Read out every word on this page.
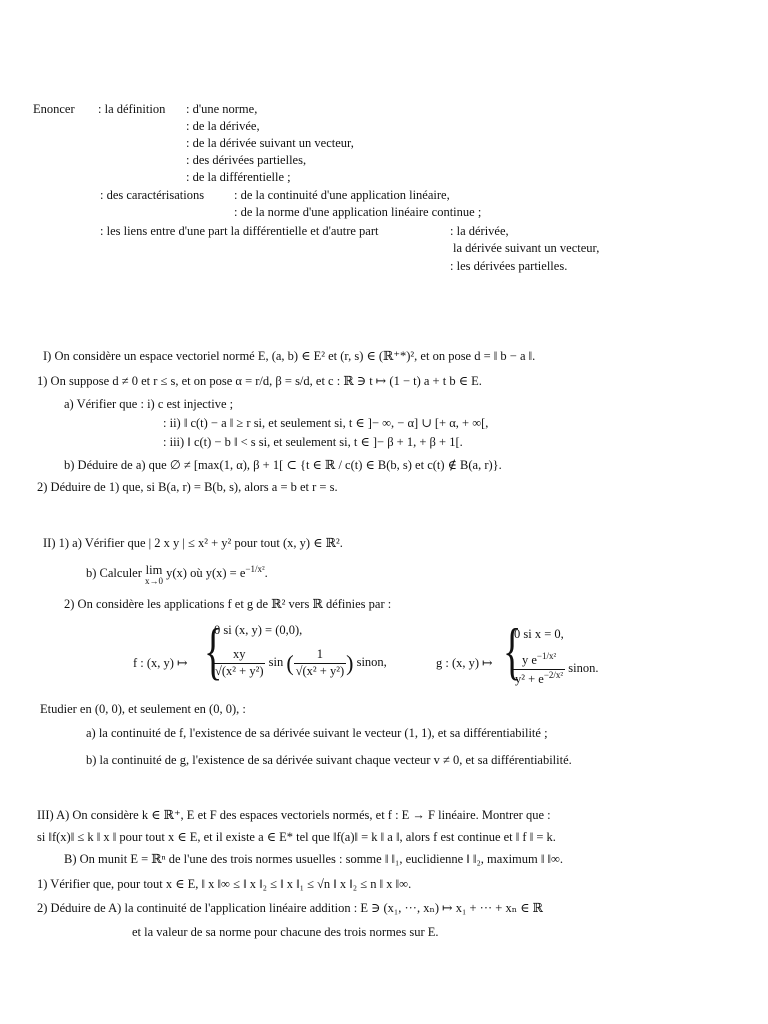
Enoncer : la définition : d'une norme,
: de la dérivée,
: de la dérivée suivant un vecteur,
: des dérivées partielles,
: de la différentielle ;
: des caractérisations : de la continuité d'une application linéaire,
: de la norme d'une application linéaire continue ;
: les liens entre d'une part la différentielle et d'autre part	: la dérivée,
la dérivée suivant un vecteur,
: les dérivées partielles.
I) On considère un espace vectoriel normé E, (a, b) ∈ E² et (r, s) ∈ (ℝ⁺*)², et on pose d = ‖ b − a ‖.
1) On suppose d ≠ 0 et r ≤ s, et on pose α = r/d, β = s/d, et c : ℝ ∋ t ↦ (1 − t) a + t b ∈ E.
a) Vérifier que : i) c est injective ;
: ii) ‖ c(t) − a ‖ ≥ r si, et seulement si, t ∈ ]− ∞, − α] ∪ [+ α, + ∞[,
: iii) ‖ c(t) − b ‖ < s si, et seulement si, t ∈ ]− β + 1, + β + 1[.
b) Déduire de a) que ∅ ≠ [max(1, α), β + 1[ ⊂ {t ∈ ℝ / c(t) ∈ B(b, s) et c(t) ∉ B(a, r)}.
2) Déduire de 1) que, si B(a, r) = B(b, s), alors a = b et r = s.
II) 1) a) Vérifier que | 2 x y | ≤ x² + y² pour tout (x, y) ∈ ℝ².
b) Calculer lim
x→0
y(x) où $y(x) = e^{-1/x^2}$.
2) On considère les applications f et g de ℝ² vers ℝ définies par :
f : (x, y) ↦ {
0 si (x, y) = (0,0),
$\frac{xy}{\text{√(x² + y²)}}$ sin ( $\frac{1}{\text{√(x² + y²)}}$ ) sinon,	g : (x, y) ↦ {
0 si x = 0,
$\frac{y e^{-1/x^2}}{y^2 + e^{-2/x^2}}$ sinon.
Etudier en (0, 0), et seulement en (0, 0), :
a) la continuité de f, l'existence de sa dérivée suivant le vecteur (1, 1), et sa différentiabilité ;
b) la continuité de g, l'existence de sa dérivée suivant chaque vecteur v ≠ 0, et sa différentiabilité.
III) A) On considère k ∈ ℝ⁺, E et F des espaces vectoriels normés, et f : E → F linéaire. Montrer que :
si ‖f(x)‖ ≤ k ‖ x ‖ pour tout x ∈ E, et il existe a ∈ E* tel que ‖f(a)‖ = k ‖ a ‖, alors f est continue et ‖ f ‖ = k.
B) On munit E = ℝⁿ de l'une des trois normes usuelles : somme ‖ ‖₁, euclidienne ‖ ‖₂, maximum ‖ ‖∞.
1) Vérifier que, pour tout x ∈ E, ‖ x ‖∞ ≤ ‖ x ‖₂ ≤ ‖ x ‖₁ ≤ √n ‖ x ‖₂ ≤ n ‖ x ‖∞.
2) Déduire de A) la continuité de l'application linéaire addition : E ∋ (x₁, ···, xₙ) ↦ x₁ + ··· + xₙ ∈ ℝ
et la valeur de sa norme pour chacune des trois normes sur E.
